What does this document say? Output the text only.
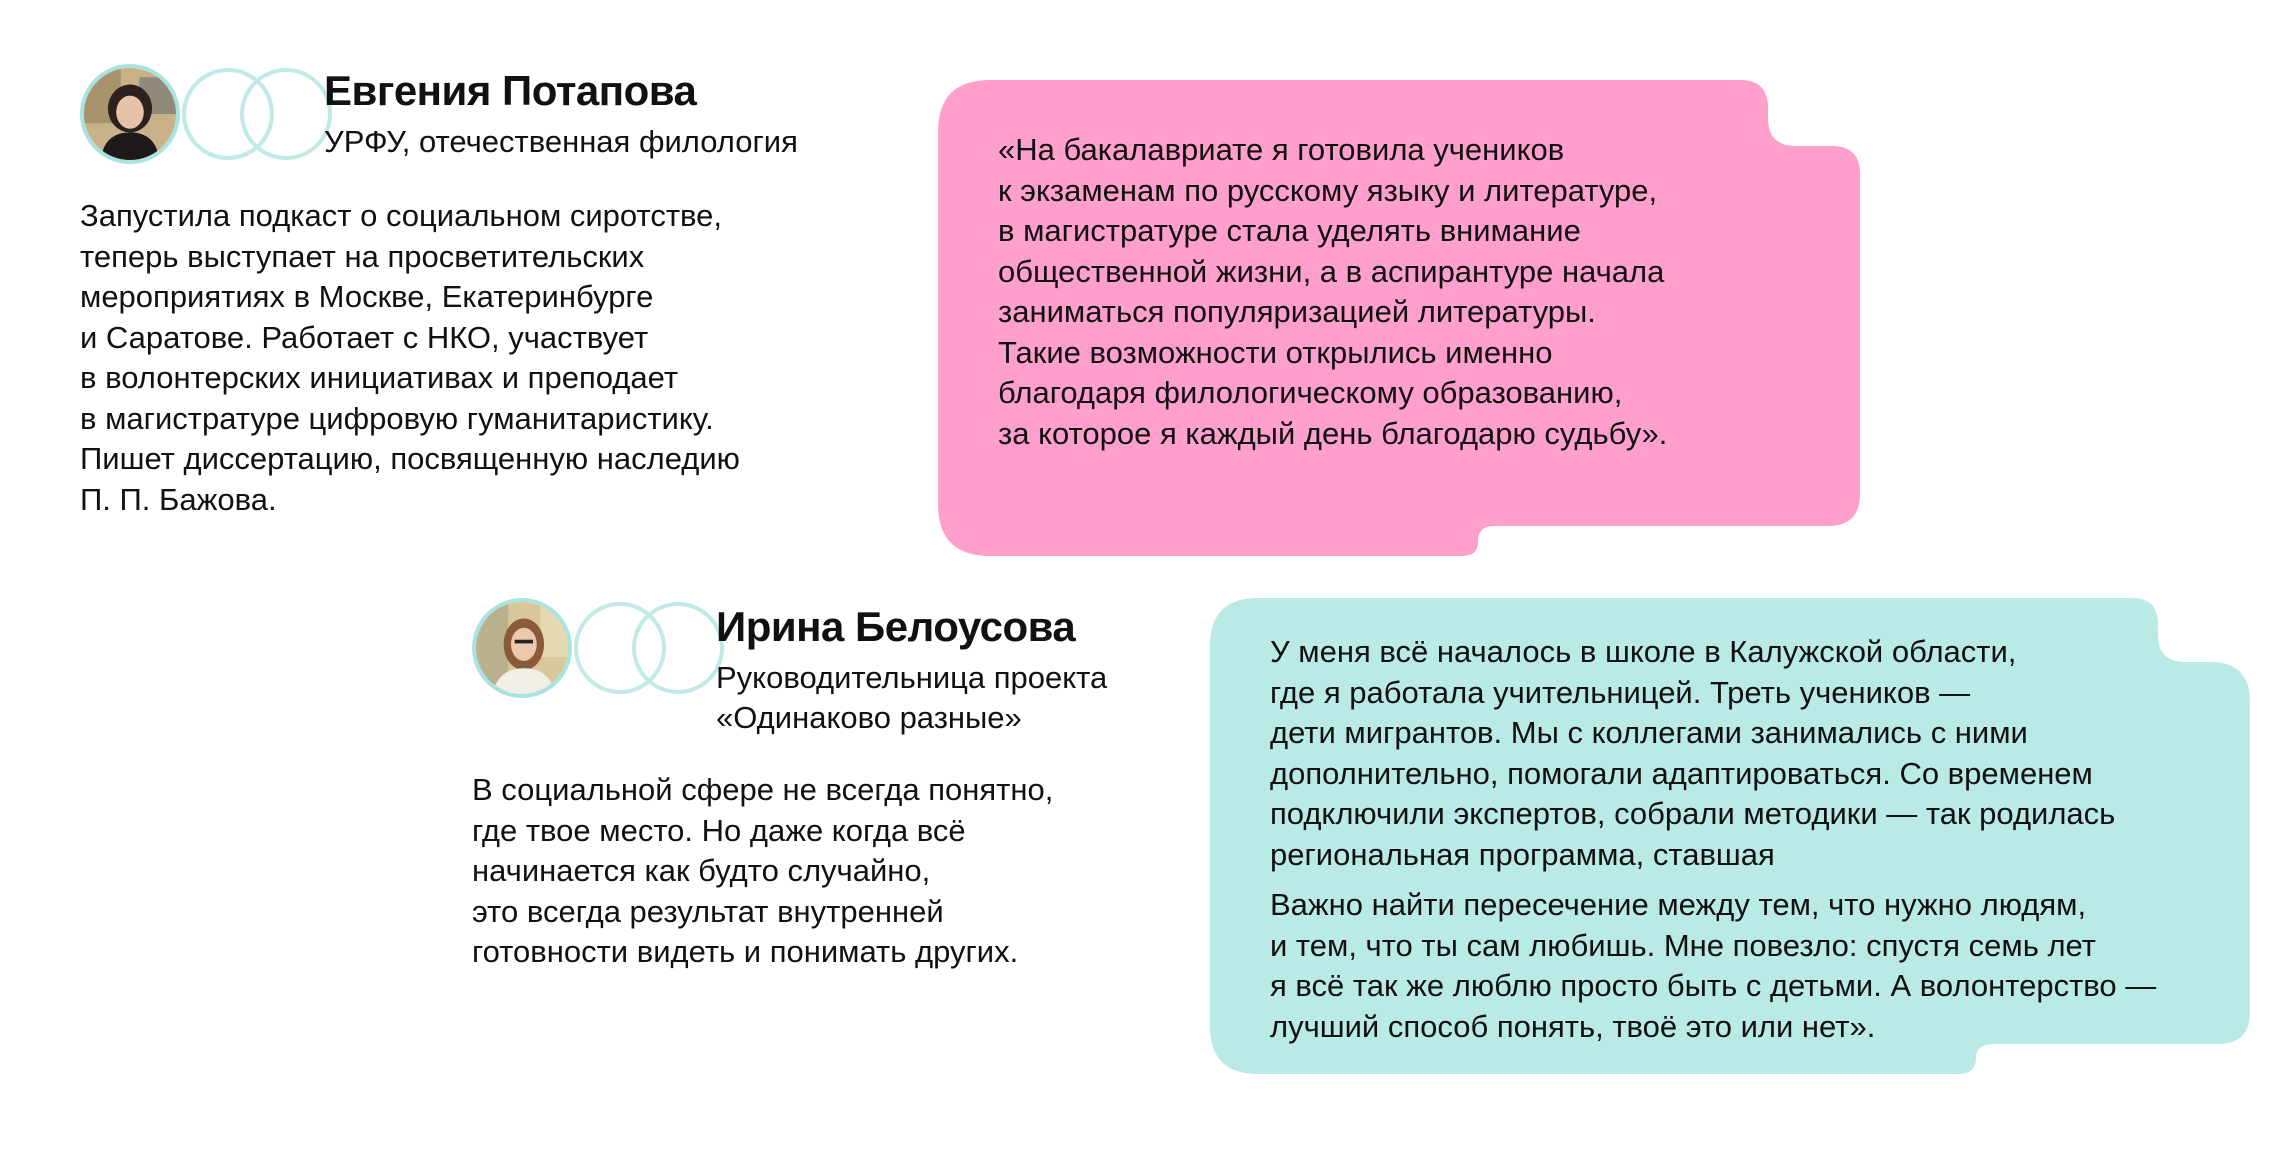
Евгения Потапова
УРФУ, отечественная филология
Запустила подкаст о социальном сиротстве,
теперь выступает на просветительских
мероприятиях в Москве, Екатеринбурге
и Саратове. Работает с НКО, участвует
в волонтерских инициативах и преподает
в магистратуре цифровую гуманитаристику.
Пишет диссертацию, посвященную наследию
П. П. Бажова.
«На бакалавриате я готовила учеников
к экзаменам по русскому языку и литературе,
в магистратуре стала уделять внимание
общественной жизни, а в аспирантуре начала
заниматься популяризацией литературы.
Такие возможности открылись именно
благодаря филологическому образованию,
за которое я каждый день благодарю судьбу».
Ирина Белоусова
Руководительница проекта
«Одинаково разные»
В социальной сфере не всегда понятно,
где твое место. Но даже когда всё
начинается как будто случайно,
это всегда результат внутренней
готовности видеть и понимать других.
У меня всё началось в школе в Калужской области,
где я работала учительницей. Треть учеников —
дети мигрантов. Мы с коллегами занимались с ними
дополнительно, помогали адаптироваться. Со временем
подключили экспертов, собрали методики — так родилась
региональная программа, ставшая
Важно найти пересечение между тем, что нужно людям,
и тем, что ты сам любишь. Мне повезло: спустя семь лет
я всё так же люблю просто быть с детьми. А волонтерство —
лучший способ понять, твоё это или нет».
